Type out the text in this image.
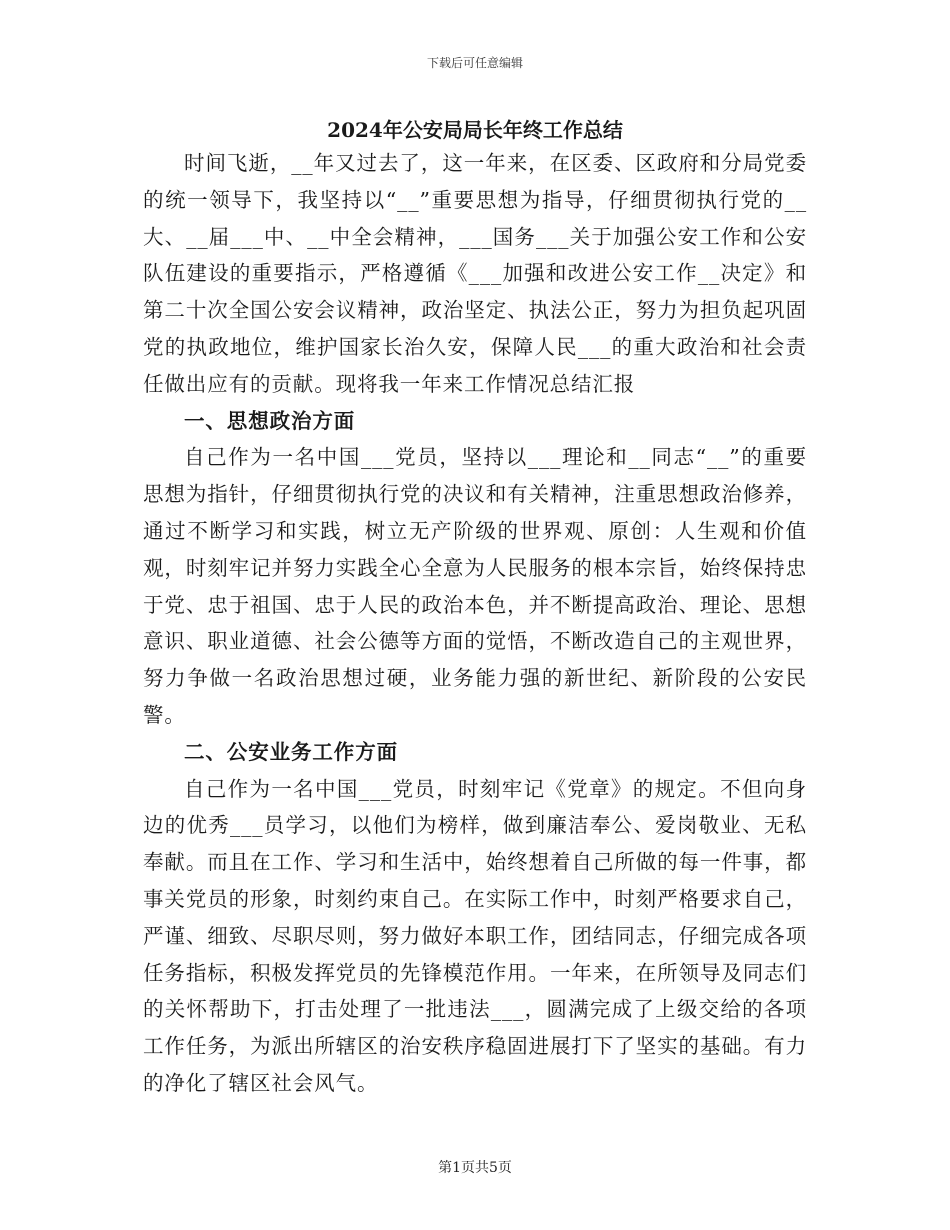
下载后可任意编辑
2024年公安局局长年终工作总结

时间飞逝，__年又过去了，这一年来，在区委、区政府和分局党委的统一领导下，我坚持以“__”重要思想为指导，仔细贯彻执行党的__大、__届___中、__中全会精神，___国务___关于加强公安工作和公安队伍建设的重要指示，严格遵循《___加强和改进公安工作__决定》和第二十次全国公安会议精神，政治坚定、执法公正，努力为担负起巩固党的执政地位，维护国家长治久安，保障人民___的重大政治和社会责任做出应有的贡献。现将我一年来工作情况总结汇报

一、思想政治方面

自己作为一名中国___党员，坚持以___理论和__同志“__”的重要思想为指针，仔细贯彻执行党的决议和有关精神，注重思想政治修养，通过不断学习和实践，树立无产阶级的世界观、原创：人生观和价值观，时刻牢记并努力实践全心全意为人民服务的根本宗旨，始终保持忠于党、忠于祖国、忠于人民的政治本色，并不断提高政治、理论、思想意识、职业道德、社会公德等方面的觉悟，不断改造自己的主观世界，努力争做一名政治思想过硬，业务能力强的新世纪、新阶段的公安民警。

二、公安业务工作方面

自己作为一名中国___党员，时刻牢记《党章》的规定。不但向身边的优秀___员学习，以他们为榜样，做到廉洁奉公、爱岗敬业、无私奉献。而且在工作、学习和生活中，始终想着自己所做的每一件事，都事关党员的形象，时刻约束自己。在实际工作中，时刻严格要求自己，严谨、细致、尽职尽则，努力做好本职工作，团结同志，仔细完成各项任务指标，积极发挥党员的先锋模范作用。一年来，在所领导及同志们的关怀帮助下，打击处理了一批违法___，圆满完成了上级交给的各项工作任务，为派出所辖区的治安秩序稳固进展打下了坚实的基础。有力的净化了辖区社会风气。

第1页共5页
